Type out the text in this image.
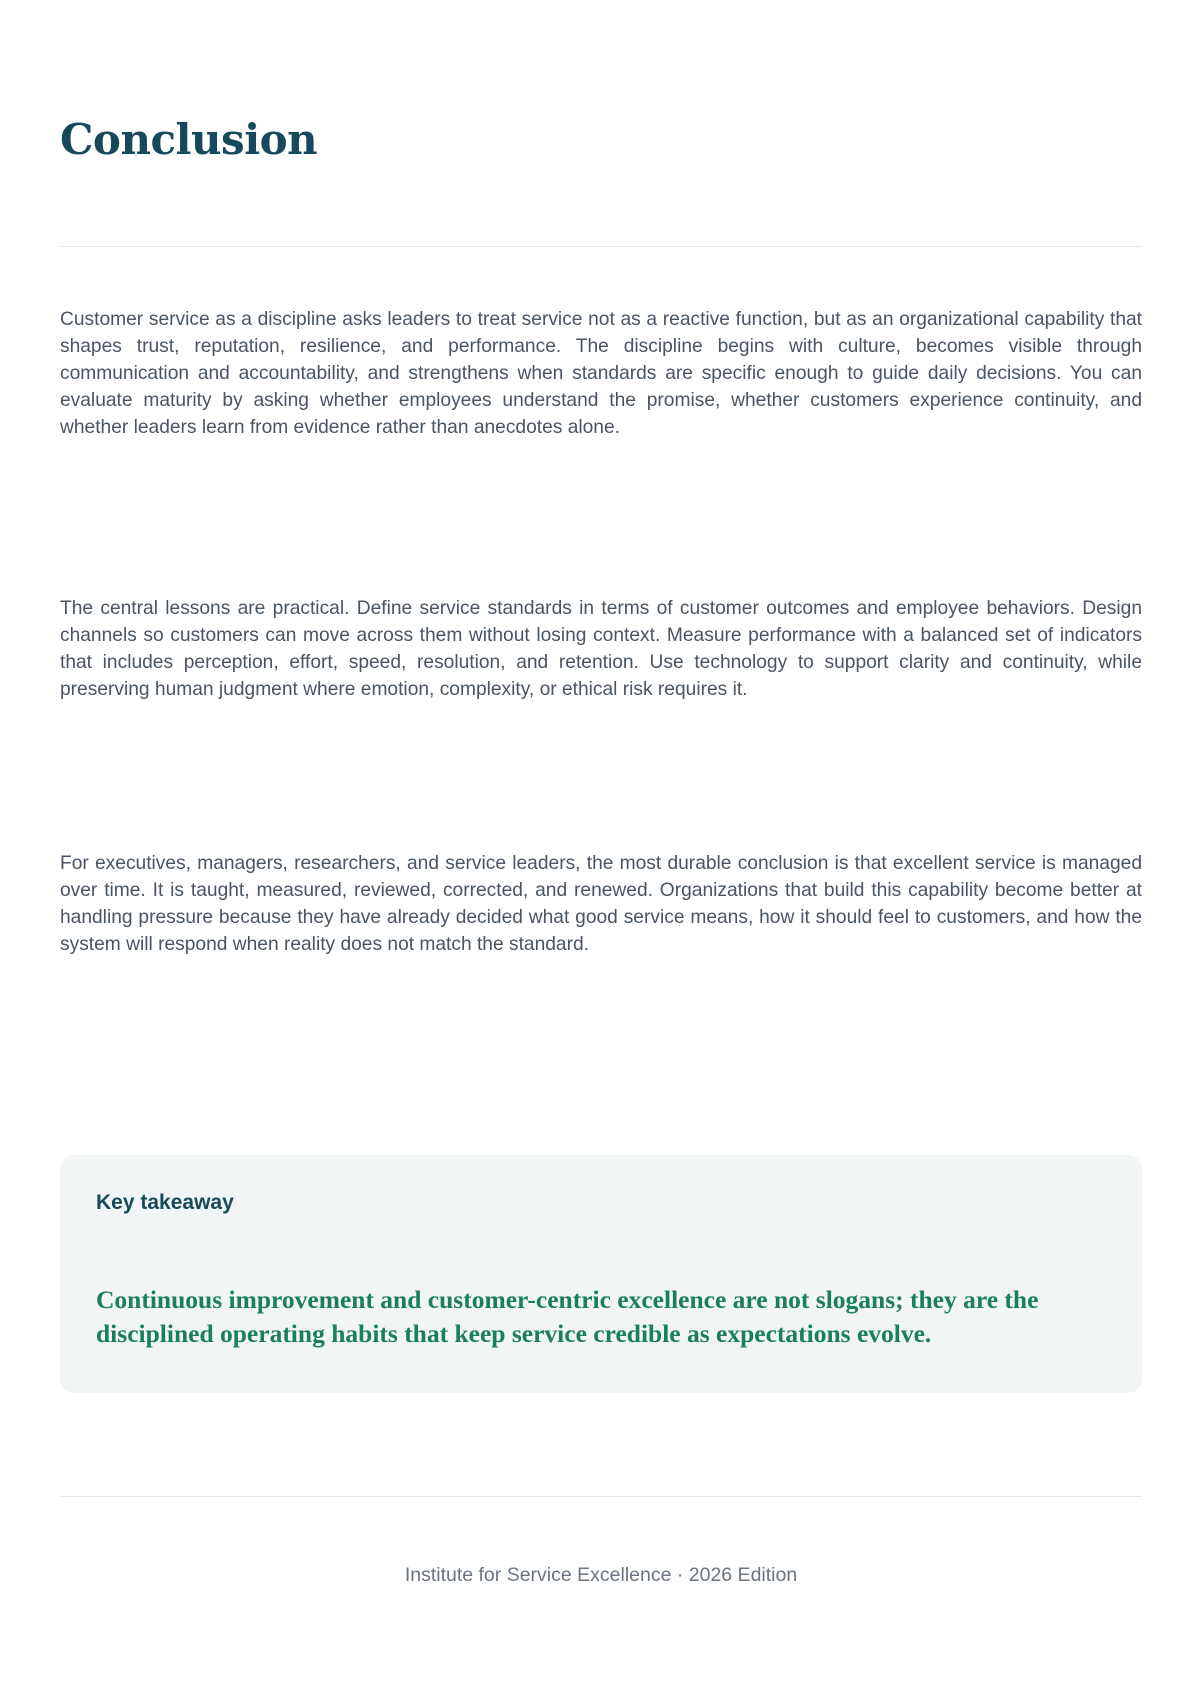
Conclusion

Customer service as a discipline asks leaders to treat service not as a reactive function, but as an organizational capability that shapes trust, reputation, resilience, and performance. The discipline begins with culture, becomes visible through communication and accountability, and strengthens when standards are specific enough to guide daily decisions. You can evaluate maturity by asking whether employees understand the promise, whether customers experience continuity, and whether leaders learn from evidence rather than anecdotes alone.

The central lessons are practical. Define service standards in terms of customer outcomes and employee behaviors. Design channels so customers can move across them without losing context. Measure performance with a balanced set of indicators that includes perception, effort, speed, resolution, and retention. Use technology to support clarity and continuity, while preserving human judgment where emotion, complexity, or ethical risk requires it.

For executives, managers, researchers, and service leaders, the most durable conclusion is that excellent service is managed over time. It is taught, measured, reviewed, corrected, and renewed. Organizations that build this capability become better at handling pressure because they have already decided what good service means, how it should feel to customers, and how the system will respond when reality does not match the standard.

Key takeaway

Continuous improvement and customer-centric excellence are not slogans; they are the disciplined operating habits that keep service credible as expectations evolve.

Institute for Service Excellence · 2026 Edition
